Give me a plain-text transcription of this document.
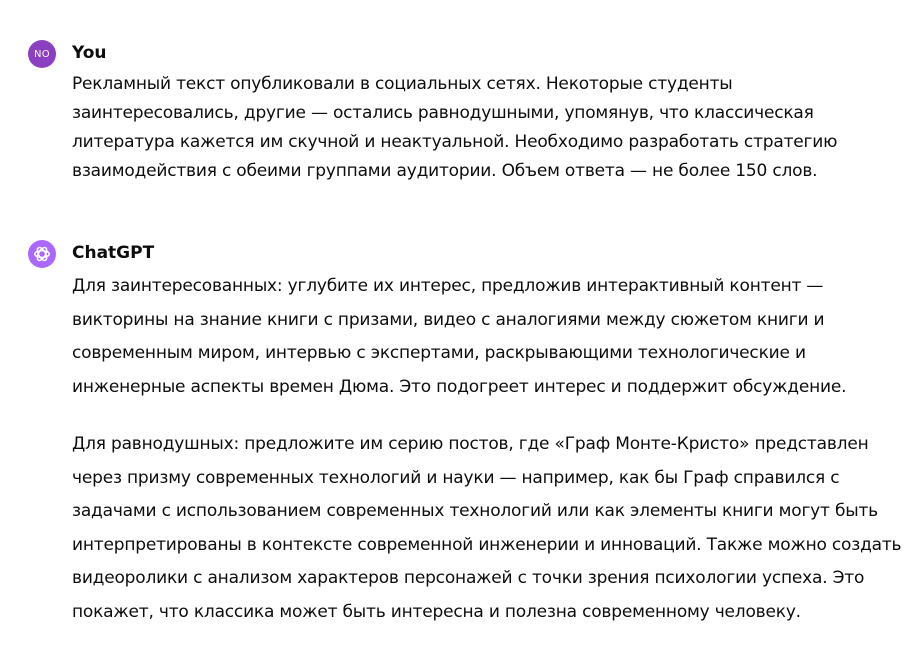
NO You
Рекламный текст опубликовали в социальных сетях. Некоторые студенты заинтересовались, другие — остались равнодушными, упомянув, что классическая литература кажется им скучной и неактуальной. Необходимо разработать стратегию взаимодействия с обеими группами аудитории. Объем ответа — не более 150 слов.
ChatGPT

Для заинтересованных: углубите их интерес, предложив интерактивный контент — викторины на знание книги с призами, видео с аналогиями между сюжетом книги и современным миром, интервью с экспертами, раскрывающими технологические и инженерные аспекты времен Дюма. Это подогреет интерес и поддержит обсуждение.

Для равнодушных: предложите им серию постов, где «Граф Монте-Кристо» представлен через призму современных технологий и науки — например, как бы Граф справился с задачами с использованием современных технологий или как элементы книги могут быть интерпретированы в контексте современной инженерии и инноваций. Также можно создать видеоролики с анализом характеров персонажей с точки зрения психологии успеха. Это покажет, что классика может быть интересна и полезна современному человеку.
